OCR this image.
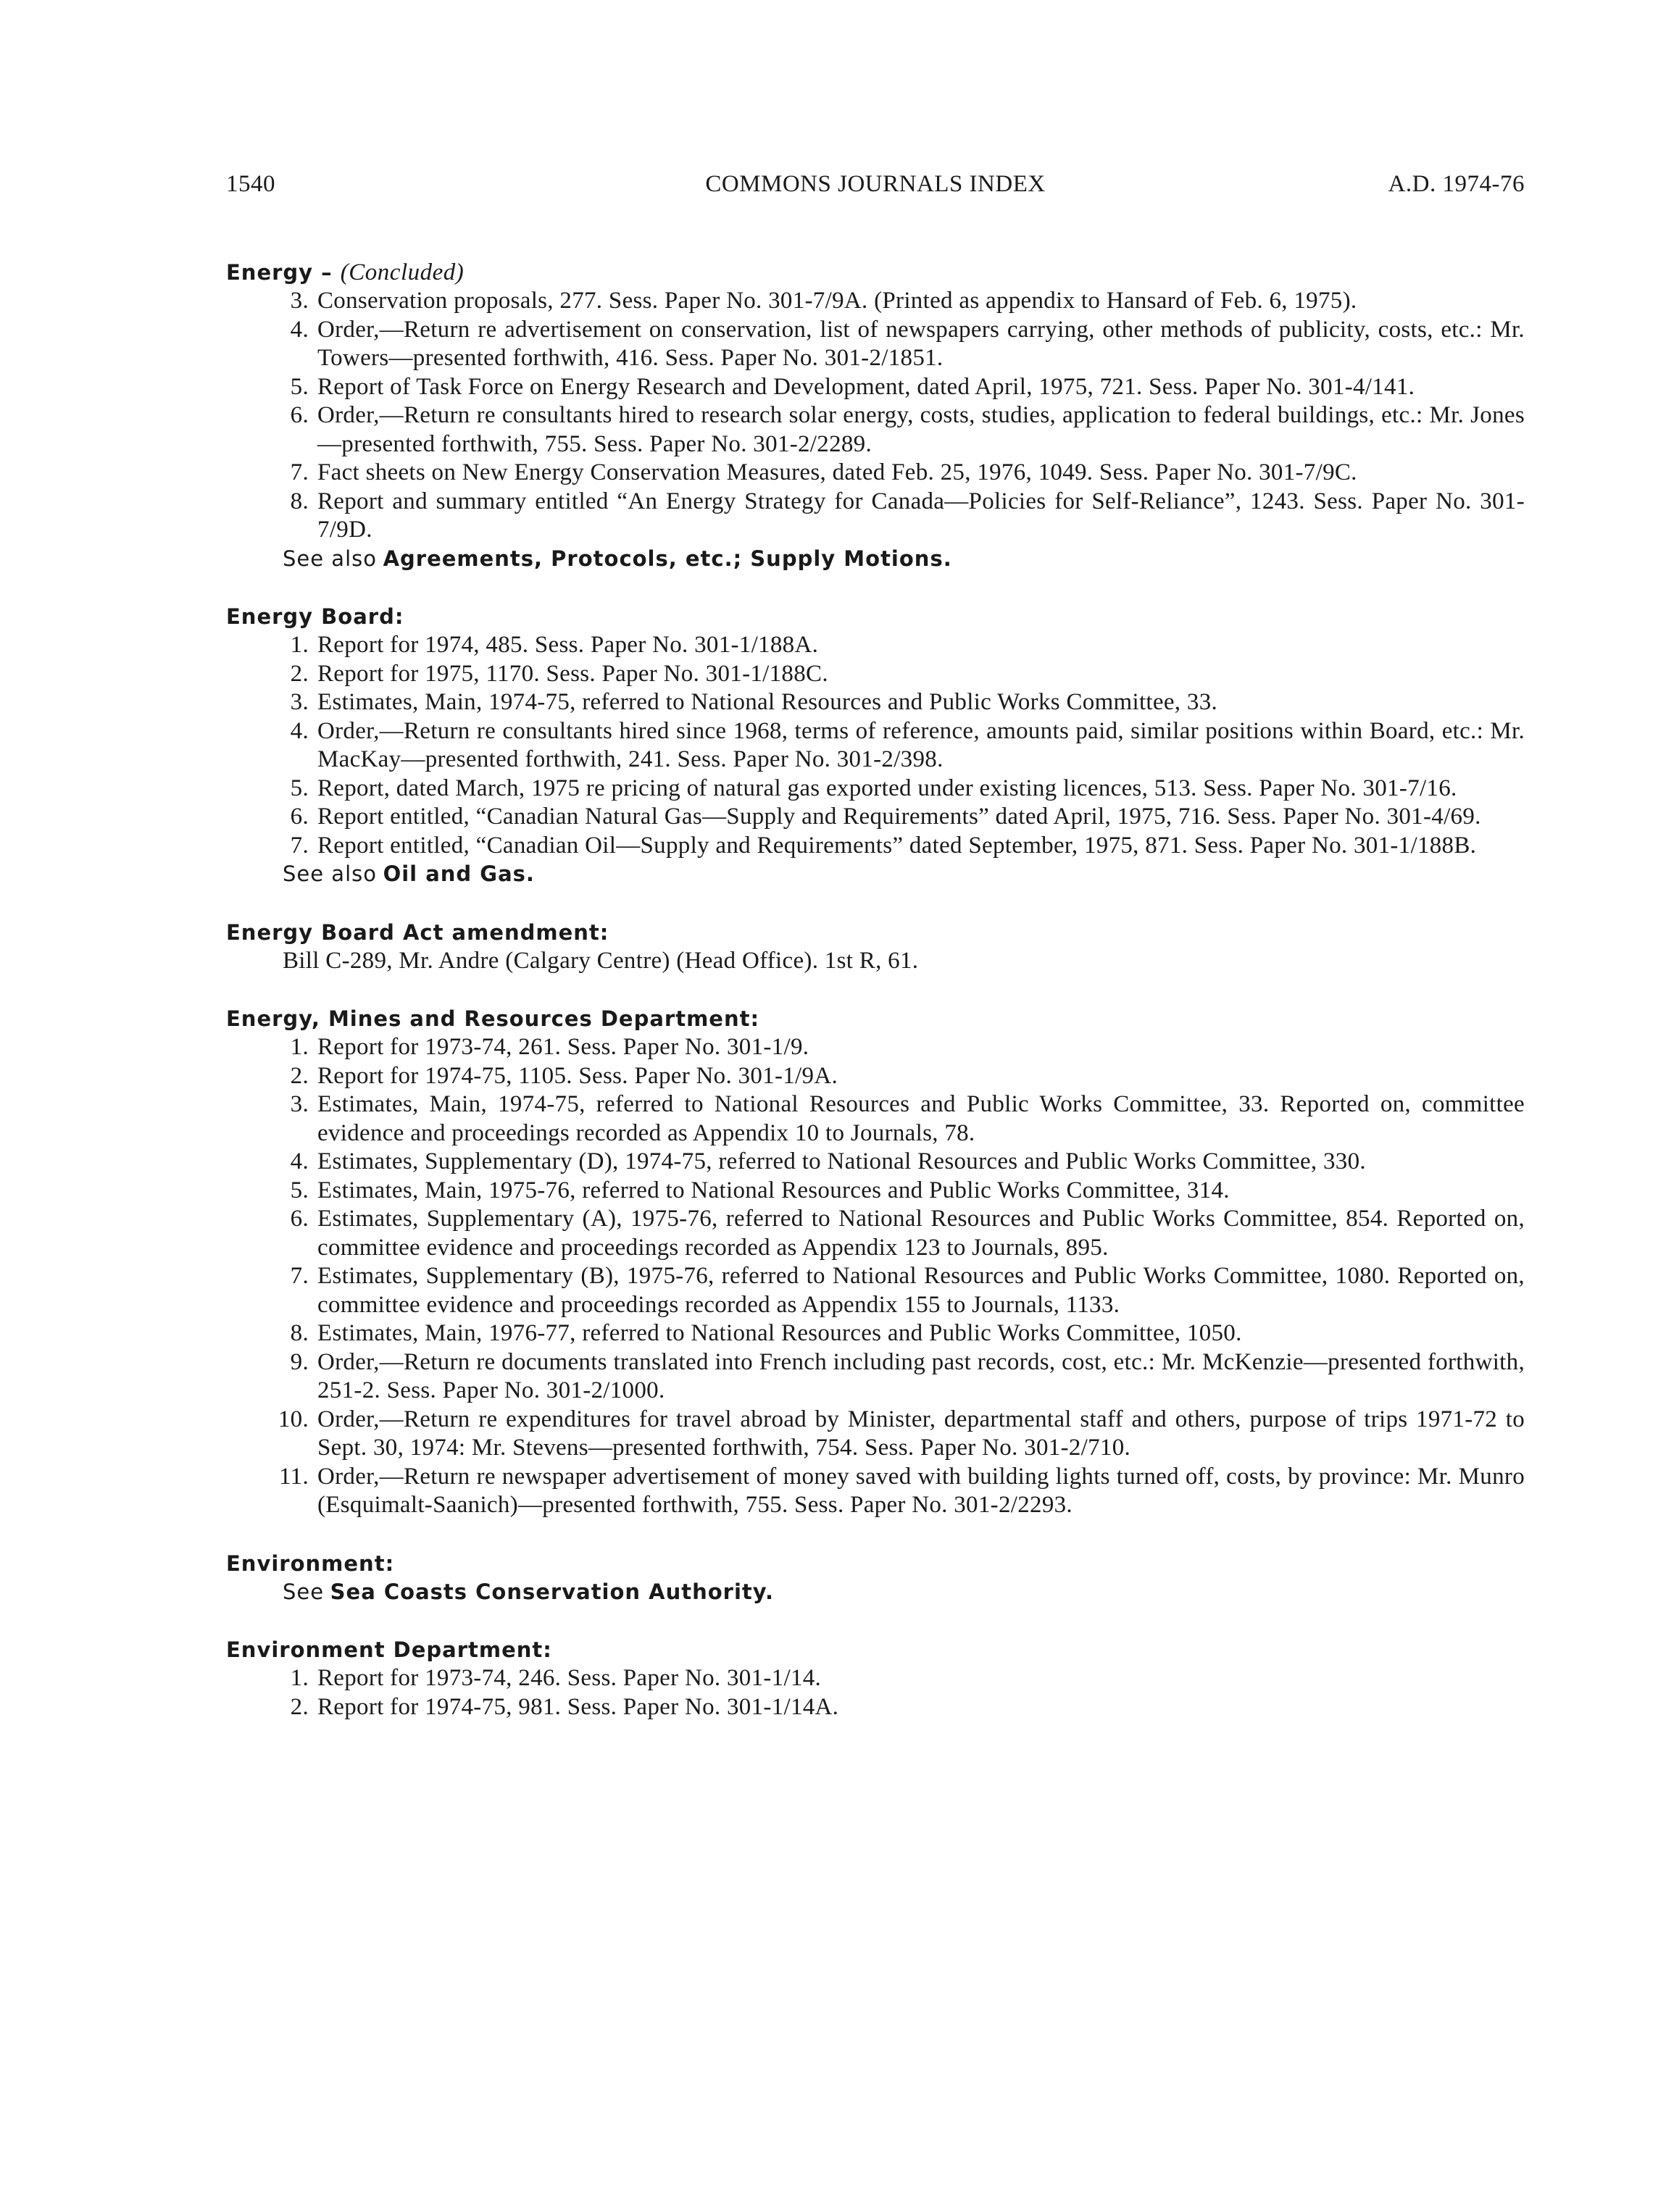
1540	COMMONS JOURNALS INDEX	A.D. 1974-76
Energy – (Concluded)
3. Conservation proposals, 277. Sess. Paper No. 301-7/9A. (Printed as appendix to Hansard of Feb. 6, 1975).
4. Order,—Return re advertisement on conservation, list of newspapers carrying, other methods of publicity, costs, etc.: Mr. Towers—presented forthwith, 416. Sess. Paper No. 301-2/1851.
5. Report of Task Force on Energy Research and Development, dated April, 1975, 721. Sess. Paper No. 301-4/141.
6. Order,—Return re consultants hired to research solar energy, costs, studies, application to federal buildings, etc.: Mr. Jones—presented forthwith, 755. Sess. Paper No. 301-2/2289.
7. Fact sheets on New Energy Conservation Measures, dated Feb. 25, 1976, 1049. Sess. Paper No. 301-7/9C.
8. Report and summary entitled “An Energy Strategy for Canada—Policies for Self-Reliance”, 1243. Sess. Paper No. 301-7/9D.
See also Agreements, Protocols, etc.; Supply Motions.
Energy Board:
1. Report for 1974, 485. Sess. Paper No. 301-1/188A.
2. Report for 1975, 1170. Sess. Paper No. 301-1/188C.
3. Estimates, Main, 1974-75, referred to National Resources and Public Works Committee, 33.
4. Order,—Return re consultants hired since 1968, terms of reference, amounts paid, similar positions within Board, etc.: Mr. MacKay—presented forthwith, 241. Sess. Paper No. 301-2/398.
5. Report, dated March, 1975 re pricing of natural gas exported under existing licences, 513. Sess. Paper No. 301-7/16.
6. Report entitled, “Canadian Natural Gas—Supply and Requirements” dated April, 1975, 716. Sess. Paper No. 301-4/69.
7. Report entitled, “Canadian Oil—Supply and Requirements” dated September, 1975, 871. Sess. Paper No. 301-1/188B.
See also Oil and Gas.
Energy Board Act amendment:
Bill C-289, Mr. Andre (Calgary Centre) (Head Office). 1st R, 61.
Energy, Mines and Resources Department:
1. Report for 1973-74, 261. Sess. Paper No. 301-1/9.
2. Report for 1974-75, 1105. Sess. Paper No. 301-1/9A.
3. Estimates, Main, 1974-75, referred to National Resources and Public Works Committee, 33. Reported on, committee evidence and proceedings recorded as Appendix 10 to Journals, 78.
4. Estimates, Supplementary (D), 1974-75, referred to National Resources and Public Works Committee, 330.
5. Estimates, Main, 1975-76, referred to National Resources and Public Works Committee, 314.
6. Estimates, Supplementary (A), 1975-76, referred to National Resources and Public Works Committee, 854. Reported on, committee evidence and proceedings recorded as Appendix 123 to Journals, 895.
7. Estimates, Supplementary (B), 1975-76, referred to National Resources and Public Works Committee, 1080. Reported on, committee evidence and proceedings recorded as Appendix 155 to Journals, 1133.
8. Estimates, Main, 1976-77, referred to National Resources and Public Works Committee, 1050.
9. Order,—Return re documents translated into French including past records, cost, etc.: Mr. McKenzie—presented forthwith, 251-2. Sess. Paper No. 301-2/1000.
10. Order,—Return re expenditures for travel abroad by Minister, departmental staff and others, purpose of trips 1971-72 to Sept. 30, 1974: Mr. Stevens—presented forthwith, 754. Sess. Paper No. 301-2/710.
11. Order,—Return re newspaper advertisement of money saved with building lights turned off, costs, by province: Mr. Munro (Esquimalt-Saanich)—presented forthwith, 755. Sess. Paper No. 301-2/2293.
Environment:
See Sea Coasts Conservation Authority.
Environment Department:
1. Report for 1973-74, 246. Sess. Paper No. 301-1/14.
2. Report for 1974-75, 981. Sess. Paper No. 301-1/14A.
